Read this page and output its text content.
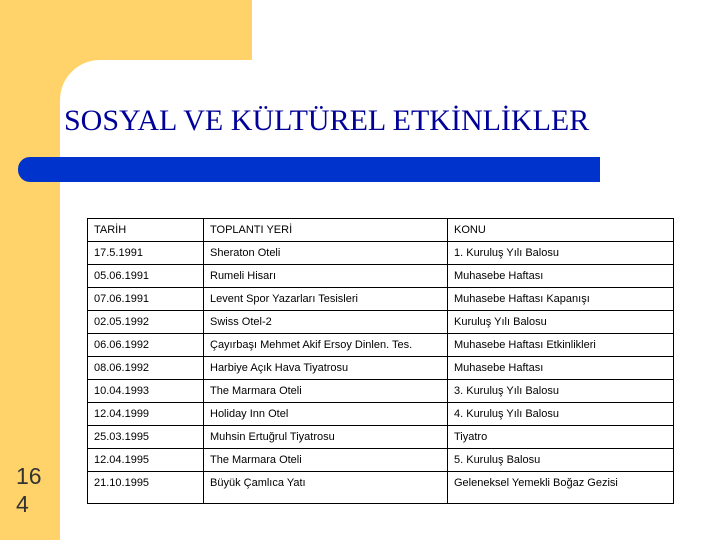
SOSYAL VE KÜLTÜREL ETKİNLİKLER
16
4
TARİH	TOPLANTI YERİ	KONU
17.5.1991	Sheraton Oteli	1. Kuruluş Yılı Balosu
05.06.1991	Rumeli Hisarı	Muhasebe Haftası
07.06.1991	Levent Spor Yazarları Tesisleri	Muhasebe Haftası Kapanışı
02.05.1992	Swiss Otel-2	Kuruluş Yılı Balosu
06.06.1992	Çayırbaşı Mehmet Akif Ersoy Dinlen. Tes.	Muhasebe Haftası Etkinlikleri
08.06.1992	Harbiye Açık Hava Tiyatrosu	Muhasebe Haftası
10.04.1993	The Marmara Oteli	3. Kuruluş Yılı Balosu
12.04.1999	Holiday Inn Otel	4. Kuruluş Yılı Balosu
25.03.1995	Muhsin Ertuğrul Tiyatrosu	Tiyatro
12.04.1995	The Marmara Oteli	5. Kuruluş Balosu
21.10.1995	Büyük Çamlıca Yatı	Geleneksel Yemekli Boğaz Gezisi
